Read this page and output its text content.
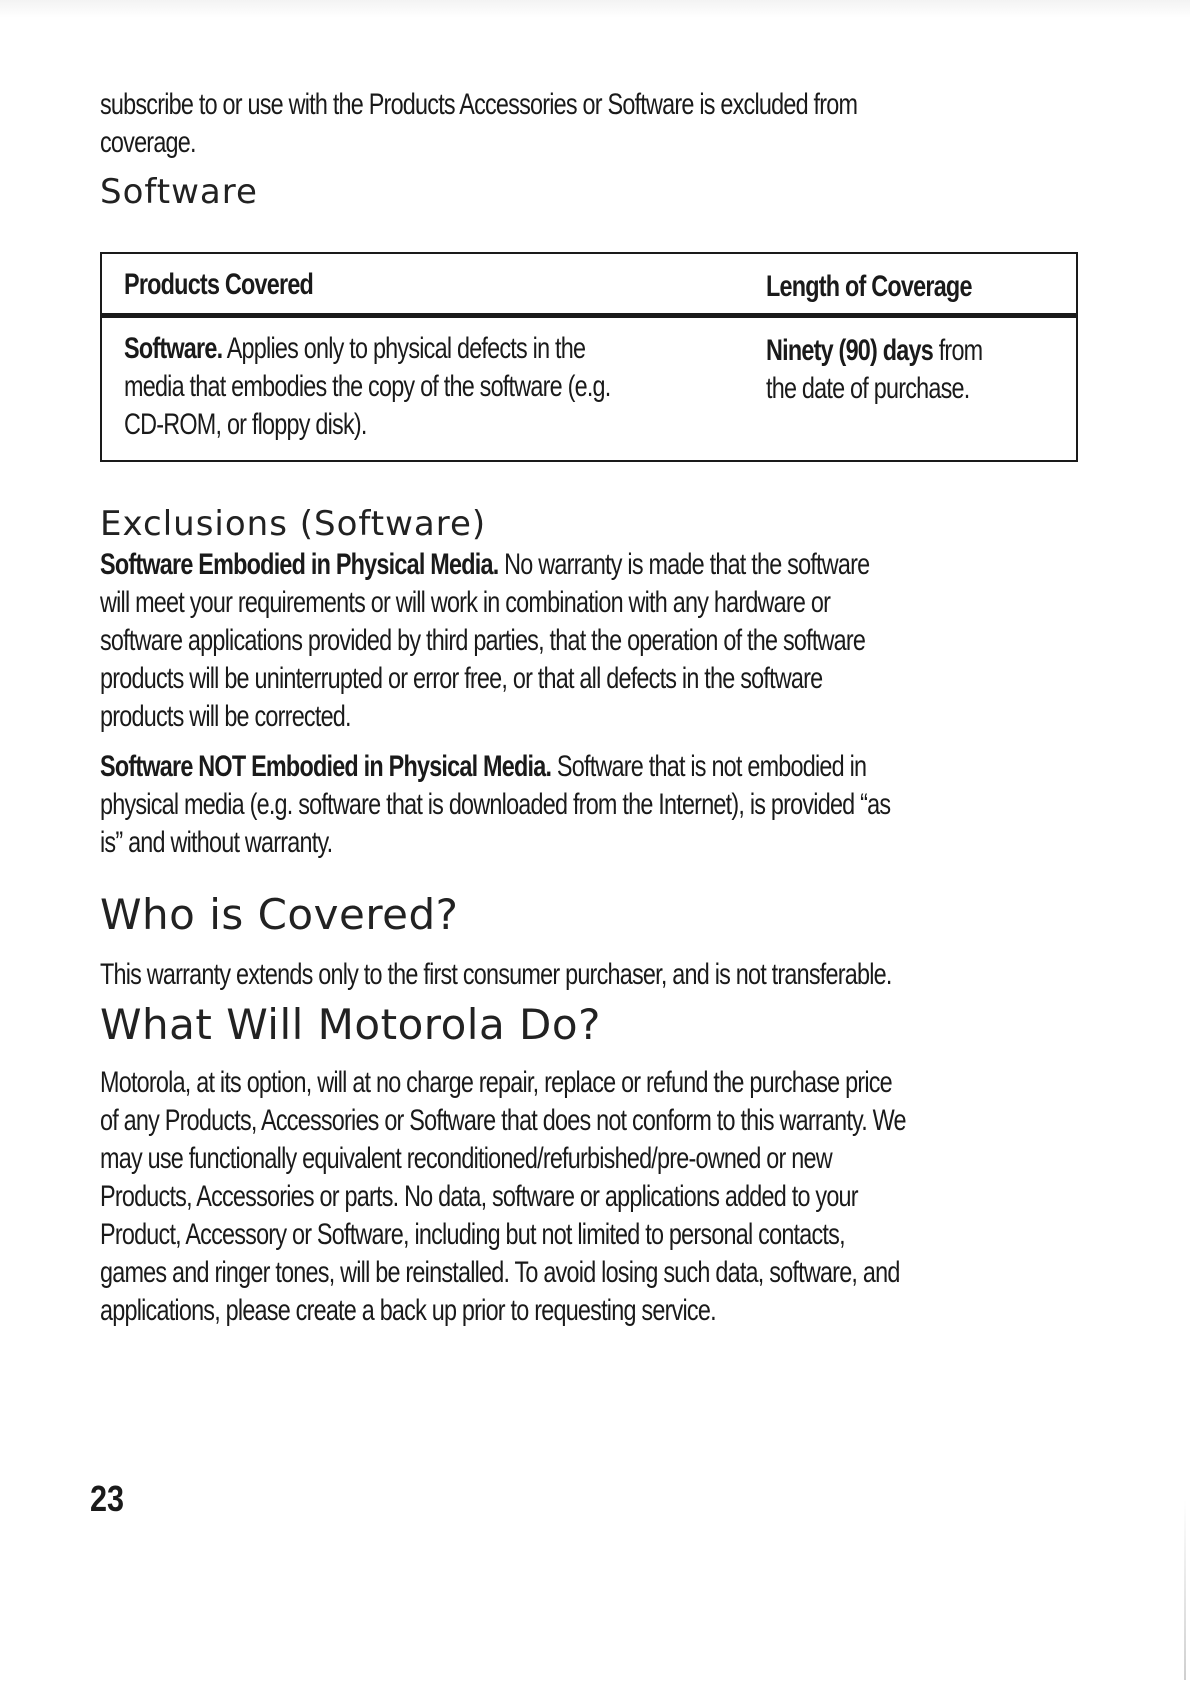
subscribe to or use with the Products Accessories or Software is excluded from
coverage.

Software

Products Covered	Length of Coverage

Software. Applies only to physical defects in the
media that embodies the copy of the software (e.g.
CD-ROM, or floppy disk).

Ninety (90) days from
the date of purchase.

Exclusions (Software)

Software Embodied in Physical Media. No warranty is made that the software
will meet your requirements or will work in combination with any hardware or
software applications provided by third parties, that the operation of the software
products will be uninterrupted or error free, or that all defects in the software
products will be corrected.

Software NOT Embodied in Physical Media. Software that is not embodied in
physical media (e.g. software that is downloaded from the Internet), is provided “as
is” and without warranty.

Who is Covered?

This warranty extends only to the first consumer purchaser, and is not transferable.

What Will Motorola Do?

Motorola, at its option, will at no charge repair, replace or refund the purchase price
of any Products, Accessories or Software that does not conform to this warranty. We
may use functionally equivalent reconditioned/refurbished/pre-owned or new
Products, Accessories or parts. No data, software or applications added to your
Product, Accessory or Software, including but not limited to personal contacts,
games and ringer tones, will be reinstalled. To avoid losing such data, software, and
applications, please create a back up prior to requesting service.

23
